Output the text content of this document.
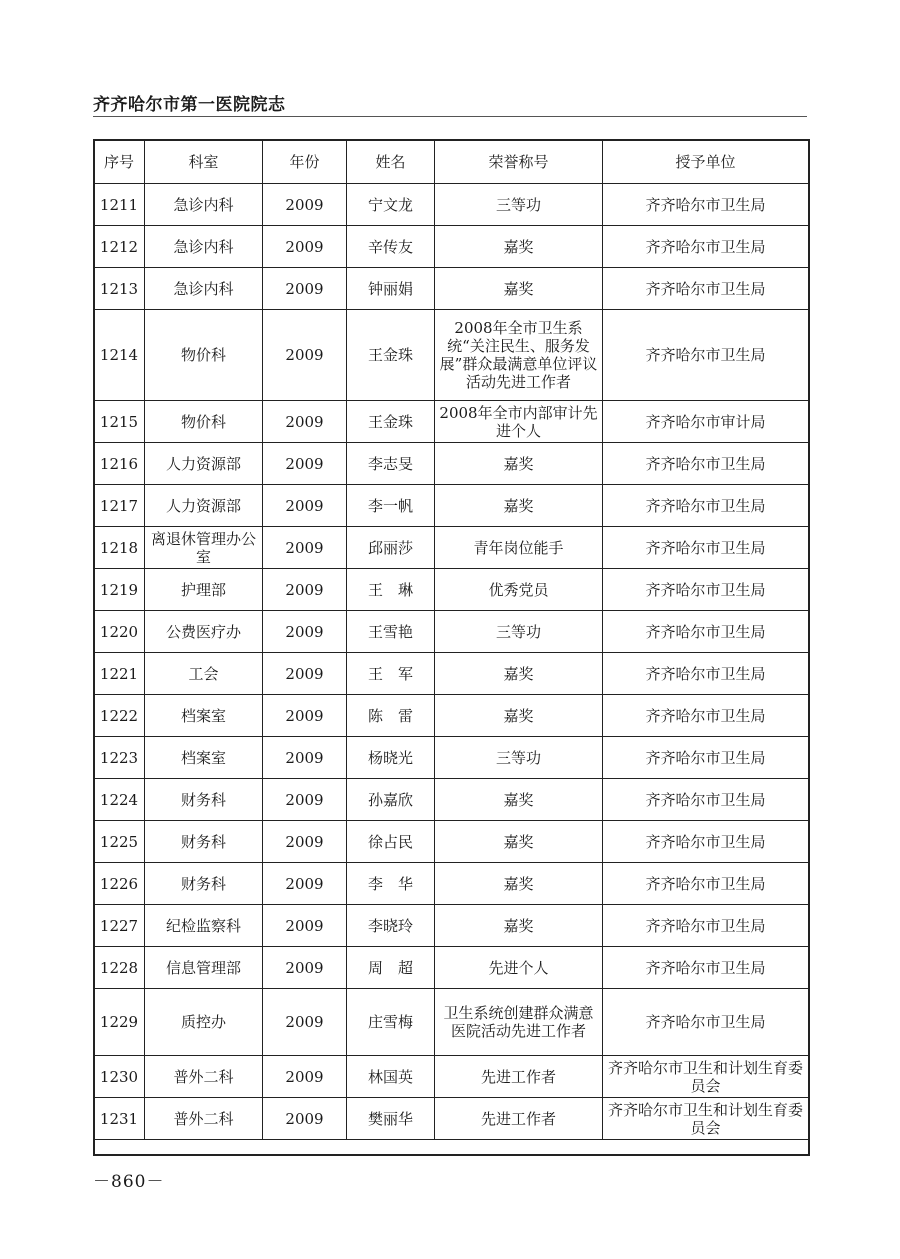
齐齐哈尔市第一医院院志
序号	科室	年份	姓名	荣誉称号	授予单位
1211	急诊内科	2009	宁文龙	三等功	齐齐哈尔市卫生局
1212	急诊内科	2009	辛传友	嘉奖	齐齐哈尔市卫生局
1213	急诊内科	2009	钟丽娟	嘉奖	齐齐哈尔市卫生局
1214	物价科	2009	王金珠	2008年全市卫生系统“关注民生、服务发展”群众最满意单位评议活动先进工作者	齐齐哈尔市卫生局
1215	物价科	2009	王金珠	2008年全市内部审计先进个人	齐齐哈尔市审计局
1216	人力资源部	2009	李志旻	嘉奖	齐齐哈尔市卫生局
1217	人力资源部	2009	李一帆	嘉奖	齐齐哈尔市卫生局
1218	离退休管理办公室	2009	邱丽莎	青年岗位能手	齐齐哈尔市卫生局
1219	护理部	2009	王　琳	优秀党员	齐齐哈尔市卫生局
1220	公费医疗办	2009	王雪艳	三等功	齐齐哈尔市卫生局
1221	工会	2009	王　军	嘉奖	齐齐哈尔市卫生局
1222	档案室	2009	陈　雷	嘉奖	齐齐哈尔市卫生局
1223	档案室	2009	杨晓光	三等功	齐齐哈尔市卫生局
1224	财务科	2009	孙嘉欣	嘉奖	齐齐哈尔市卫生局
1225	财务科	2009	徐占民	嘉奖	齐齐哈尔市卫生局
1226	财务科	2009	李　华	嘉奖	齐齐哈尔市卫生局
1227	纪检监察科	2009	李晓玲	嘉奖	齐齐哈尔市卫生局
1228	信息管理部	2009	周　超	先进个人	齐齐哈尔市卫生局
1229	质控办	2009	庄雪梅	卫生系统创建群众满意医院活动先进工作者	齐齐哈尔市卫生局
1230	普外二科	2009	林国英	先进工作者	齐齐哈尔市卫生和计划生育委员会
1231	普外二科	2009	樊丽华	先进工作者	齐齐哈尔市卫生和计划生育委员会
－860－
